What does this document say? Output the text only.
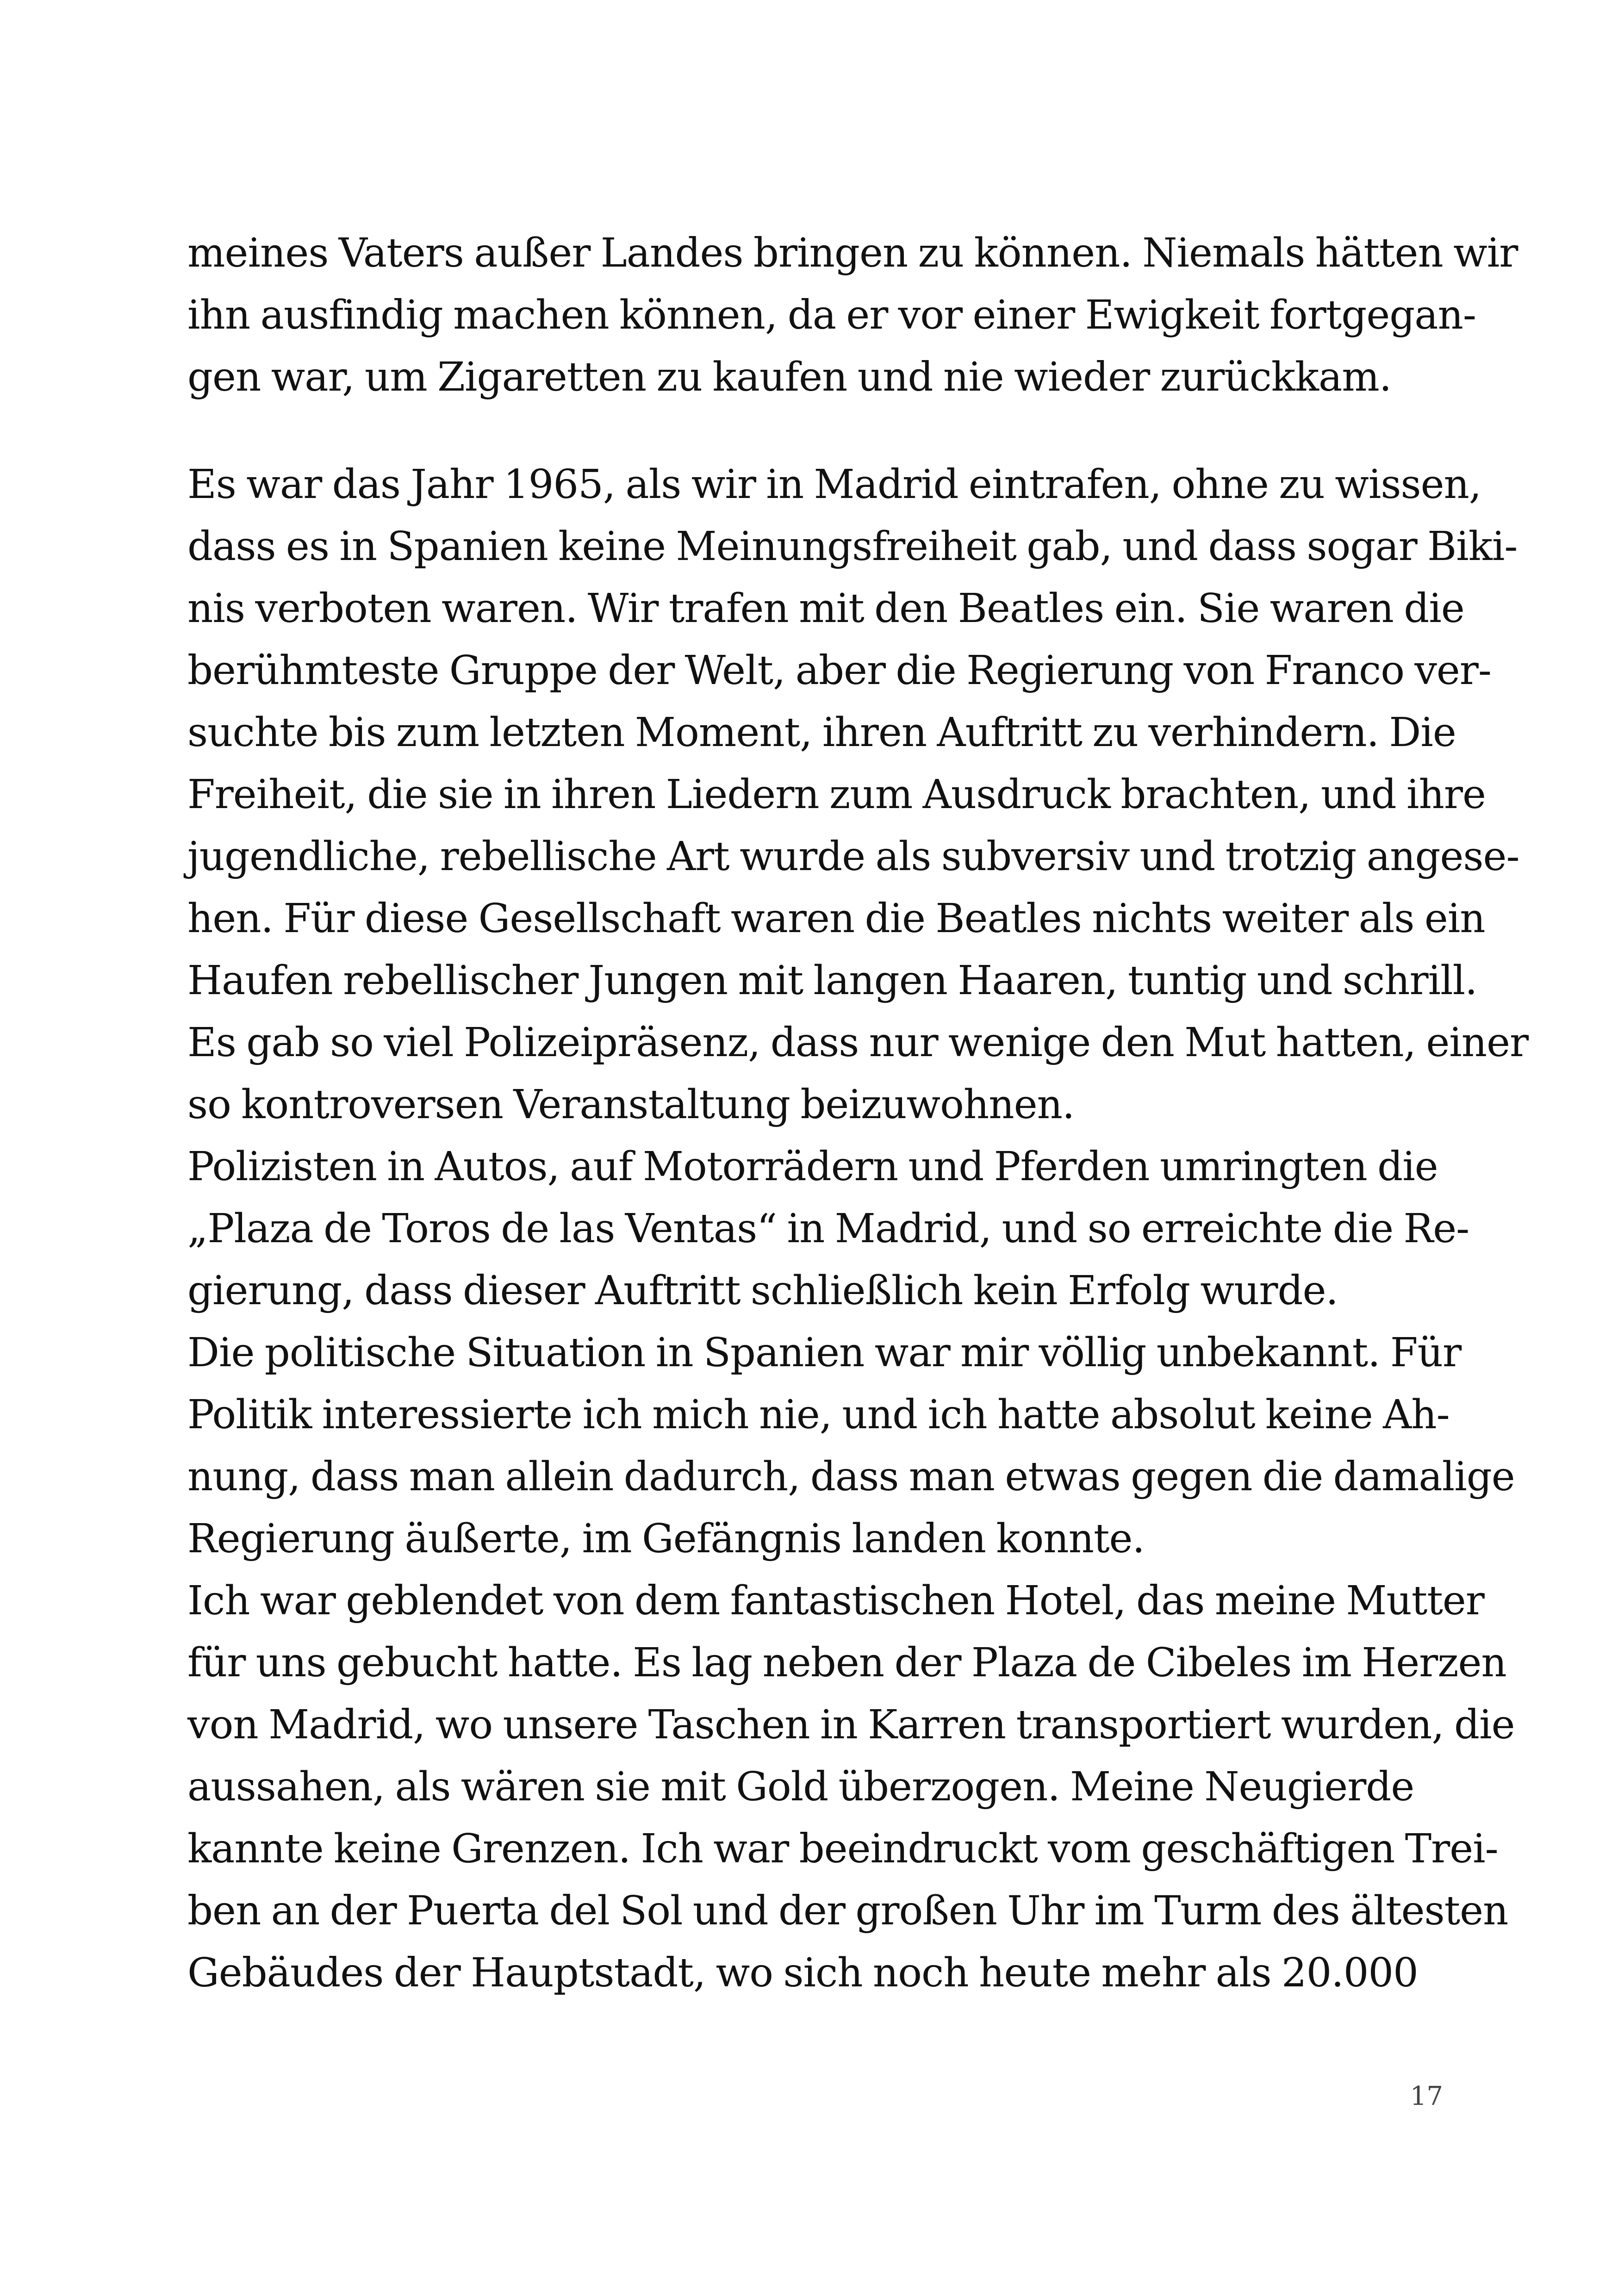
meines Vaters außer Landes bringen zu können. Niemals hätten wir
ihn ausfindig machen können, da er vor einer Ewigkeit fortgegan-
gen war, um Zigaretten zu kaufen und nie wieder zurückkam.
Es war das Jahr 1965, als wir in Madrid eintrafen, ohne zu wissen,
dass es in Spanien keine Meinungsfreiheit gab, und dass sogar Biki-
nis verboten waren. Wir trafen mit den Beatles ein. Sie waren die
berühmteste Gruppe der Welt, aber die Regierung von Franco ver-
suchte bis zum letzten Moment, ihren Auftritt zu verhindern. Die
Freiheit, die sie in ihren Liedern zum Ausdruck brachten, und ihre
jugendliche, rebellische Art wurde als subversiv und trotzig angese-
hen. Für diese Gesellschaft waren die Beatles nichts weiter als ein
Haufen rebellischer Jungen mit langen Haaren, tuntig und schrill.
Es gab so viel Polizeipräsenz, dass nur wenige den Mut hatten, einer
so kontroversen Veranstaltung beizuwohnen.
Polizisten in Autos, auf Motorrädern und Pferden umringten die
„Plaza de Toros de las Ventas“ in Madrid, und so erreichte die Re-
gierung, dass dieser Auftritt schließlich kein Erfolg wurde.
Die politische Situation in Spanien war mir völlig unbekannt. Für
Politik interessierte ich mich nie, und ich hatte absolut keine Ah-
nung, dass man allein dadurch, dass man etwas gegen die damalige
Regierung äußerte, im Gefängnis landen konnte.
Ich war geblendet von dem fantastischen Hotel, das meine Mutter
für uns gebucht hatte. Es lag neben der Plaza de Cibeles im Herzen
von Madrid, wo unsere Taschen in Karren transportiert wurden, die
aussahen, als wären sie mit Gold überzogen. Meine Neugierde
kannte keine Grenzen. Ich war beeindruckt vom geschäftigen Trei-
ben an der Puerta del Sol und der großen Uhr im Turm des ältesten
Gebäudes der Hauptstadt, wo sich noch heute mehr als 20.000
17
